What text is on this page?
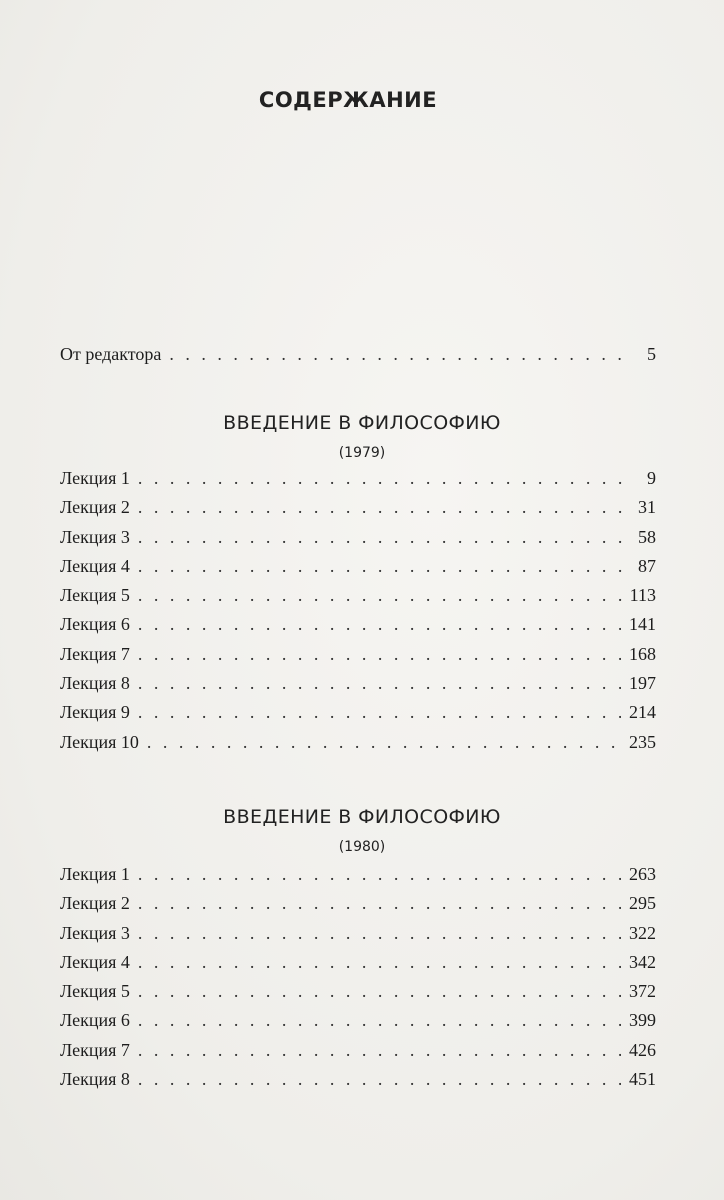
СОДЕРЖАНИЕ
От редактора . . .	5
ВВЕДЕНИЕ В ФИЛОСОФИЮ
(1979)
Лекция 1 . . .	9
Лекция 2 . . .	31
Лекция 3 . . .	58
Лекция 4 . . .	87
Лекция 5 . . .	113
Лекция 6 . . .	141
Лекция 7 . . .	168
Лекция 8 . . .	197
Лекция 9 . . .	214
Лекция 10 . . .	235
ВВЕДЕНИЕ В ФИЛОСОФИЮ
(1980)
Лекция 1 . . .	263
Лекция 2 . . .	295
Лекция 3 . . .	322
Лекция 4 . . .	342
Лекция 5 . . .	372
Лекция 6 . . .	399
Лекция 7 . . .	426
Лекция 8 . . .	451
